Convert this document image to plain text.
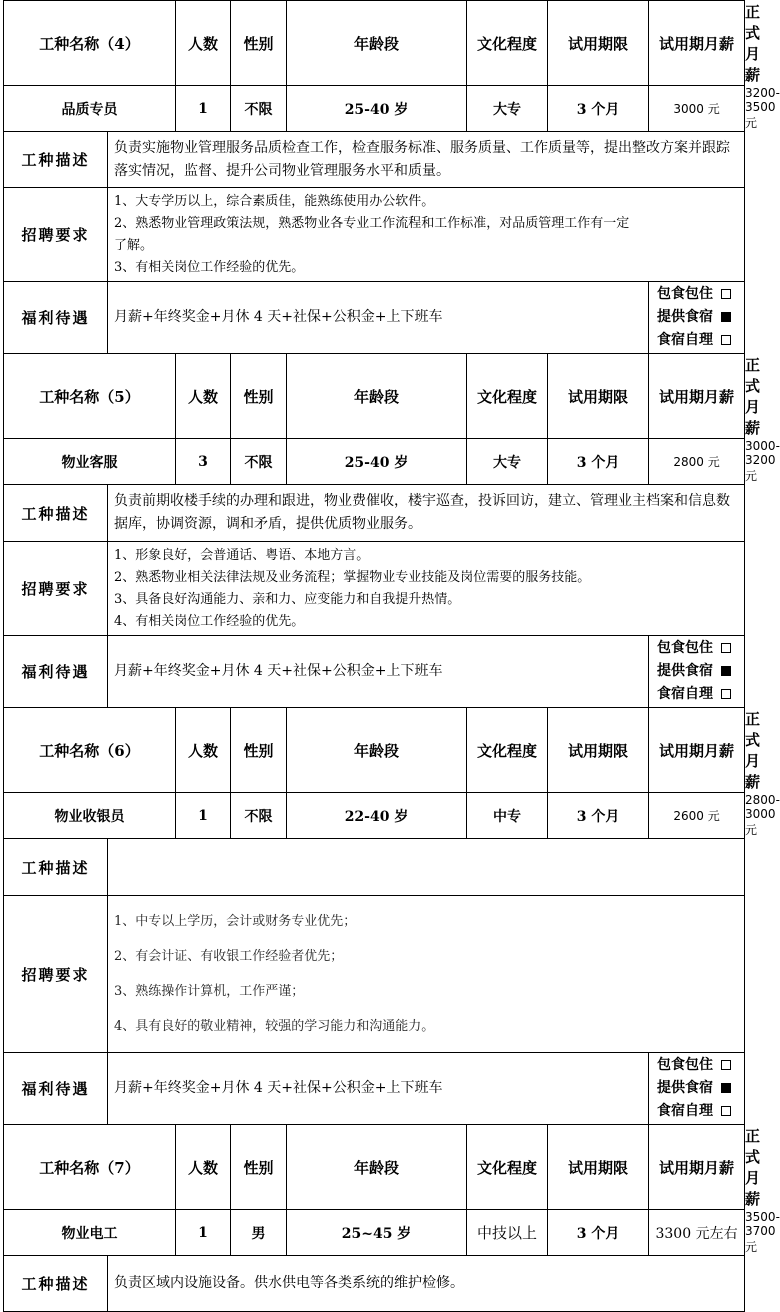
工种名称（4）		人数	性别	年龄段	文化程度	试用期限	试用期月薪	正式月薪
品质专员		1	不限	25-40 岁	大专	3 个月	3000 元	3200-3500 元
工种描述	负责实施物业管理服务品质检查工作，检查服务标准、服务质量、工作质量等，提出整改方案并跟踪落实情况，监督、提升公司物业管理服务水平和质量。							
招聘要求	1、大专学历以上，综合素质佳，能熟练使用办公软件。
2、熟悉物业管理政策法规，熟悉物业各专业工作流程和工作标准，对品质管理工作有一定
了解。
3、有相关岗位工作经验的优先。							

福利待遇	月薪+年终奖金+月休 4 天+社保+公积金+上下班车						包食包住
提供食宿
食宿自理	

工种名称（5）		人数	性别	年龄段	文化程度	试用期限	试用期月薪	正式月薪
物业客服		3	不限	25-40 岁	大专	3 个月	2800 元	3000-3200 元
工种描述	负责前期收楼手续的办理和跟进，物业费催收，楼宇巡查，投诉回访，建立、管理业主档案和信息数据库，协调资源，调和矛盾，提供优质物业服务。							
招聘要求	1、形象良好，会普通话、粤语、本地方言。
2、熟悉物业相关法律法规及业务流程；掌握物业专业技能及岗位需要的服务技能。
3、具备良好沟通能力、亲和力、应变能力和自我提升热情。
4、有相关岗位工作经验的优先。							

福利待遇	月薪+年终奖金+月休 4 天+社保+公积金+上下班车						包食包住
提供食宿
食宿自理	

工种名称（6）		人数	性别	年龄段	文化程度	试用期限	试用期月薪	正式月薪
物业收银员		1	不限	22-40 岁	中专	3 个月	2600 元	2800-3000 元
工种描述								
招聘要求	1、中专以上学历，会计或财务专业优先；
2、有会计证、有收银工作经验者优先；
3、熟练操作计算机，工作严谨；
4、具有良好的敬业精神，较强的学习能力和沟通能力。							

福利待遇	月薪+年终奖金+月休 4 天+社保+公积金+上下班车						包食包住
提供食宿
食宿自理	

工种名称（7）		人数	性别	年龄段	文化程度	试用期限	试用期月薪	正式月薪
物业电工		1	男	25~45 岁	中技以上	3 个月	3300 元左右	3500-3700 元
工种描述	负责区域内设施设备。供水供电等各类系统的维护检修。							
